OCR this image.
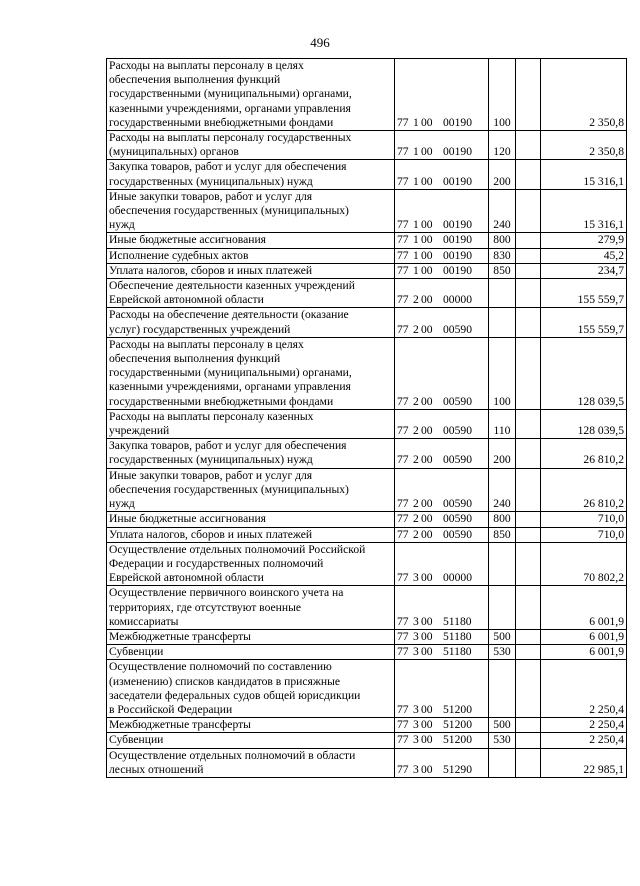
496
Расходы на выплаты персоналу в целях
обеспечения выполнения функций
государственными (муниципальными) органами,
казенными учреждениями, органами управления
государственными внебюджетными фондами	77 1 00 00190	100		2 350,8

Расходы на выплаты персоналу государственных
(муниципальных) органов	77 1 00 00190	120		2 350,8

Закупка товаров, работ и услуг для обеспечения
государственных (муниципальных) нужд	77 1 00 00190	200		15 316,1

Иные закупки товаров, работ и услуг для
обеспечения государственных (муниципальных)
нужд	77 1 00 00190	240		15 316,1

Иные бюджетные ассигнования	77 1 00 00190	800		279,9

Исполнение судебных актов	77 1 00 00190	830		45,2

Уплата налогов, сборов и иных платежей	77 1 00 00190	850		234,7

Обеспечение деятельности казенных учреждений
Еврейской автономной области	77 2 00 00000			155 559,7

Расходы на обеспечение деятельности (оказание
услуг) государственных учреждений	77 2 00 00590			155 559,7

Расходы на выплаты персоналу в целях
обеспечения выполнения функций
государственными (муниципальными) органами,
казенными учреждениями, органами управления
государственными внебюджетными фондами	77 2 00 00590	100		128 039,5

Расходы на выплаты персоналу казенных
учреждений	77 2 00 00590	110		128 039,5

Закупка товаров, работ и услуг для обеспечения
государственных (муниципальных) нужд	77 2 00 00590	200		26 810,2

Иные закупки товаров, работ и услуг для
обеспечения государственных (муниципальных)
нужд	77 2 00 00590	240		26 810,2

Иные бюджетные ассигнования	77 2 00 00590	800		710,0

Уплата налогов, сборов и иных платежей	77 2 00 00590	850		710,0

Осуществление отдельных полномочий Российской
Федерации и государственных полномочий
Еврейской автономной области	77 3 00 00000			70 802,2

Осуществление первичного воинского учета на
территориях, где отсутствуют военные
комиссариаты	77 3 00 51180			6 001,9

Межбюджетные трансферты	77 3 00 51180	500		6 001,9

Субвенции	77 3 00 51180	530		6 001,9

Осуществление полномочий по составлению
(изменению) списков кандидатов в присяжные
заседатели федеральных судов общей юрисдикции
в Российской Федерации	77 3 00 51200			2 250,4

Межбюджетные трансферты	77 3 00 51200	500		2 250,4

Субвенции	77 3 00 51200	530		2 250,4

Осуществление отдельных полномочий в области
лесных отношений	77 3 00 51290			22 985,1
